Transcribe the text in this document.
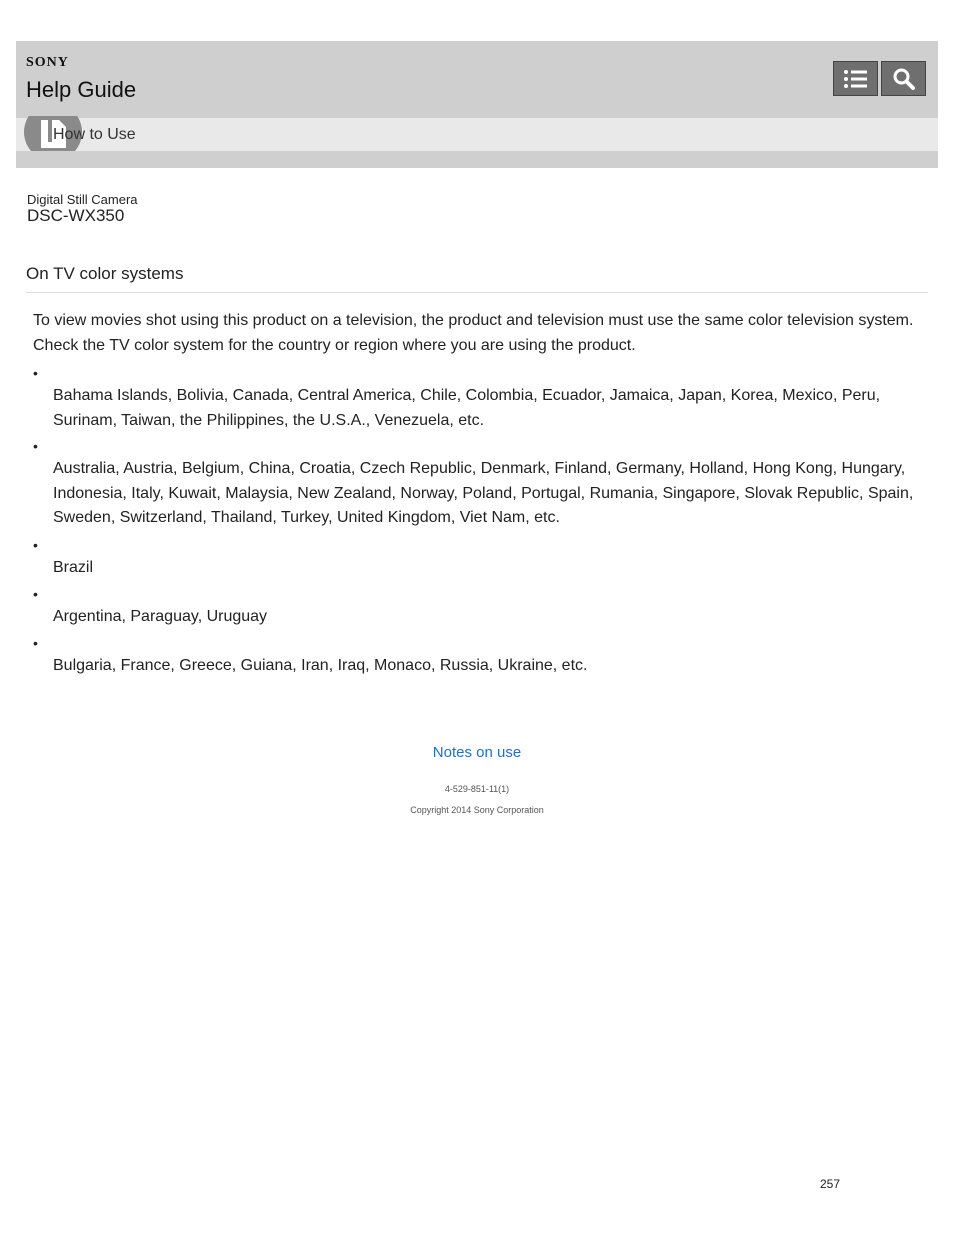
SONY
Help Guide
How to Use
Digital Still Camera
DSC-WX350
On TV color systems

To view movies shot using this product on a television, the product and television must use the same color television system. Check the TV color system for the country or region where you are using the product.

•

Bahama Islands, Bolivia, Canada, Central America, Chile, Colombia, Ecuador, Jamaica, Japan, Korea, Mexico, Peru, Surinam, Taiwan, the Philippines, the U.S.A., Venezuela, etc.

•

Australia, Austria, Belgium, China, Croatia, Czech Republic, Denmark, Finland, Germany, Holland, Hong Kong, Hungary, Indonesia, Italy, Kuwait, Malaysia, New Zealand, Norway, Poland, Portugal, Rumania, Singapore, Slovak Republic, Spain, Sweden, Switzerland, Thailand, Turkey, United Kingdom, Viet Nam, etc.

•

Brazil

•

Argentina, Paraguay, Uruguay

•

Bulgaria, France, Greece, Guiana, Iran, Iraq, Monaco, Russia, Ukraine, etc.

Notes on use
4-529-851-11(1)
Copyright 2014 Sony Corporation
257
